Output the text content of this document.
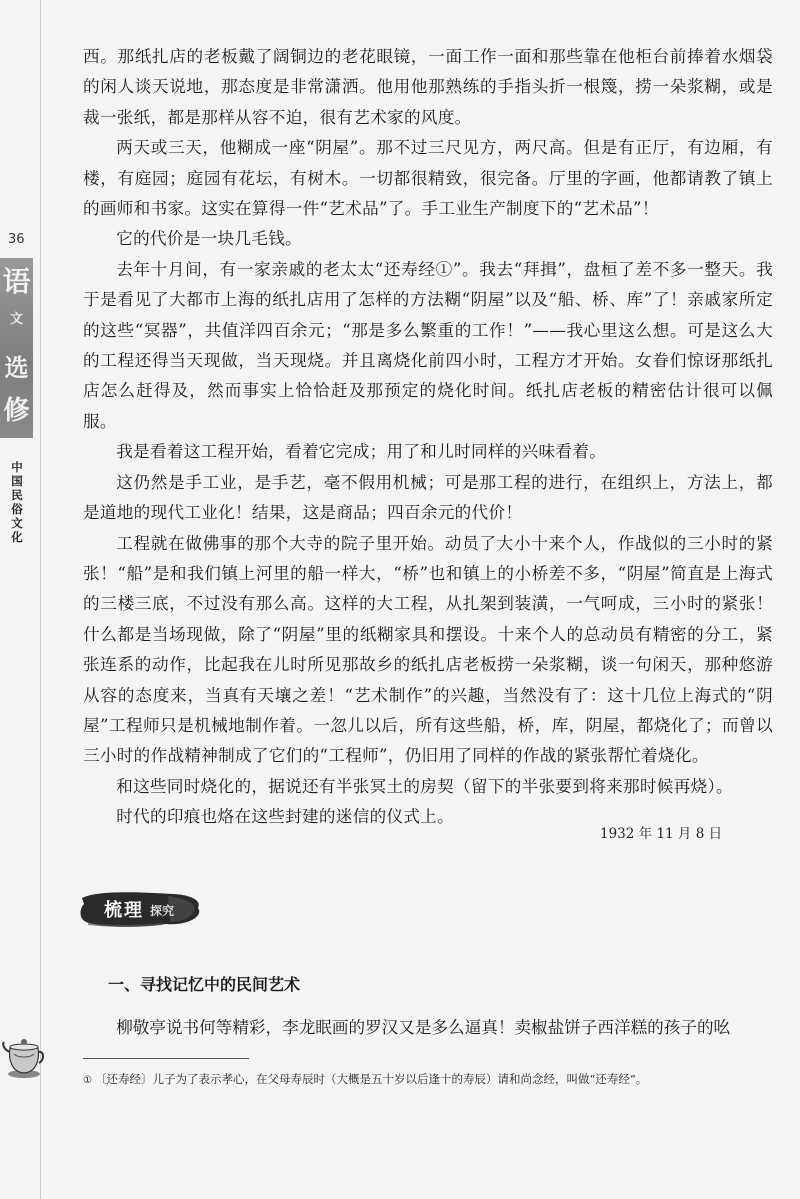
36
语
文
选
修
中国民俗文化

西。那纸扎店的老板戴了阔铜边的老花眼镜，一面工作一面和那些靠在他柜台前捧着水烟袋的闲人谈天说地，那态度是非常潇洒。他用他那熟练的手指头折一根篾，捞一朵浆糊，或是裁一张纸，都是那样从容不迫，很有艺术家的风度。

两天或三天，他糊成一座“阴屋”。那不过三尺见方，两尺高。但是有正厅，有边厢，有楼，有庭园；庭园有花坛，有树木。一切都很精致，很完备。厅里的字画，他都请教了镇上的画师和书家。这实在算得一件“艺术品”了。手工业生产制度下的“艺术品”！

它的代价是一块几毛钱。

去年十月间，有一家亲戚的老太太“还寿经①”。我去“拜揖”，盘桓了差不多一整天。我于是看见了大都市上海的纸扎店用了怎样的方法糊“阴屋”以及“船、桥、库”了！亲戚家所定的这些“冥器”，共值洋四百余元；“那是多么繁重的工作！”——我心里这么想。可是这么大的工程还得当天现做，当天现烧。并且离烧化前四小时，工程方才开始。女眷们惊讶那纸扎店怎么赶得及，然而事实上恰恰赶及那预定的烧化时间。纸扎店老板的精密估计很可以佩服。

我是看着这工程开始，看着它完成；用了和儿时同样的兴味看着。

这仍然是手工业，是手艺，毫不假用机械；可是那工程的进行，在组织上，方法上，都是道地的现代工业化！结果，这是商品；四百余元的代价！

工程就在做佛事的那个大寺的院子里开始。动员了大小十来个人，作战似的三小时的紧张！“船”是和我们镇上河里的船一样大，“桥”也和镇上的小桥差不多，“阴屋”简直是上海式的三楼三底，不过没有那么高。这样的大工程，从扎架到装潢，一气呵成，三小时的紧张！什么都是当场现做，除了“阴屋”里的纸糊家具和摆设。十来个人的总动员有精密的分工，紧张连系的动作，比起我在儿时所见那故乡的纸扎店老板捞一朵浆糊，谈一句闲天，那种悠游从容的态度来，当真有天壤之差！“艺术制作”的兴趣，当然没有了：这十几位上海式的“阴屋”工程师只是机械地制作着。一忽儿以后，所有这些船，桥，库，阴屋，都烧化了；而曾以三小时的作战精神制成了它们的“工程师”，仍旧用了同样的作战的紧张帮忙着烧化。

和这些同时烧化的，据说还有半张冥土的房契（留下的半张要到将来那时候再烧）。

时代的印痕也烙在这些封建的迷信的仪式上。

1932 年 11 月 8 日
梳理 探究
一、寻找记忆中的民间艺术
柳敬亭说书何等精彩，李龙眠画的罗汉又是多么逼真！卖椒盐饼子西洋糕的孩子的吆
① 〔还寿经〕儿子为了表示孝心，在父母寿辰时（大概是五十岁以后逢十的寿辰）请和尚念经，叫做“还寿经”。
